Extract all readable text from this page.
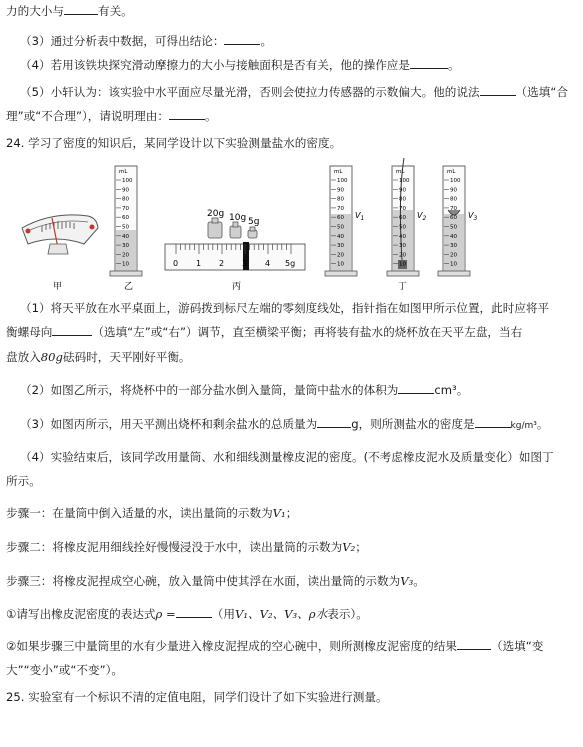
力的大小与	有关。
（3）通过分析表中数据，可得出结论：	。
（4）若用该铁块探究滑动摩擦力的大小与接触面积是否有关，他的操作应是	。
（5）小轩认为：该实验中水平面应尽量光滑，否则会使拉力传感器的示数偏大。他的说法	（选填“合
理”或“不合理”），请说明理由：	。
24. 学习了密度的知识后，某同学设计以下实验测量盐水的密度。
甲
mL
乙
20g 10g 5g
0 1 2 3 4 5g
丙
mL
$V_1$
mL
$V_2$
mL
$V_3$
丁
100
90
80
70
60
50
40
30
20
10
100
90
80
70
60
50
40
30
20
10
100
90
80
70
60
50
40
30
20
10
100
90
80
70
60
50
40
30
20
10
（1）将天平放在水平桌面上，游码拨到标尺左端的零刻度线处，指针指在如图甲所示位置，此时应将平
衡螺母向	（选填“左”或“右”）调节，直至横梁平衡；再将装有盐水的烧杯放在天平左盘，当右
盘放入80g砝码时，天平刚好平衡。
（2）如图乙所示，将烧杯中的一部分盐水倒入量筒，量筒中盐水的体积为	cm³。
（3）如图丙所示，用天平测出烧杯和剩余盐水的总质量为	g，则所测盐水的密度是	kg/m³。
（4）实验结束后，该同学改用量筒、水和细线测量橡皮泥的密度。(不考虑橡皮泥水及质量变化）如图丁
所示。
步骤一：在量筒中倒入适量的水，读出量筒的示数为V₁；
步骤二：将橡皮泥用细线拴好慢慢浸没于水中，读出量筒的示数为V₂；
步骤三：将橡皮泥捏成空心碗，放入量筒中使其浮在水面，读出量筒的示数为V₃。
①请写出橡皮泥密度的表达式ρ =	（用V₁、V₂、V₃、ρ水表示）。
②如果步骤三中量筒里的水有少量进入橡皮泥捏成的空心碗中，则所测橡皮泥密度的结果	（选填“变
大”“变小”或“不变”）。
25. 实验室有一个标识不清的定值电阻，同学们设计了如下实验进行测量。
